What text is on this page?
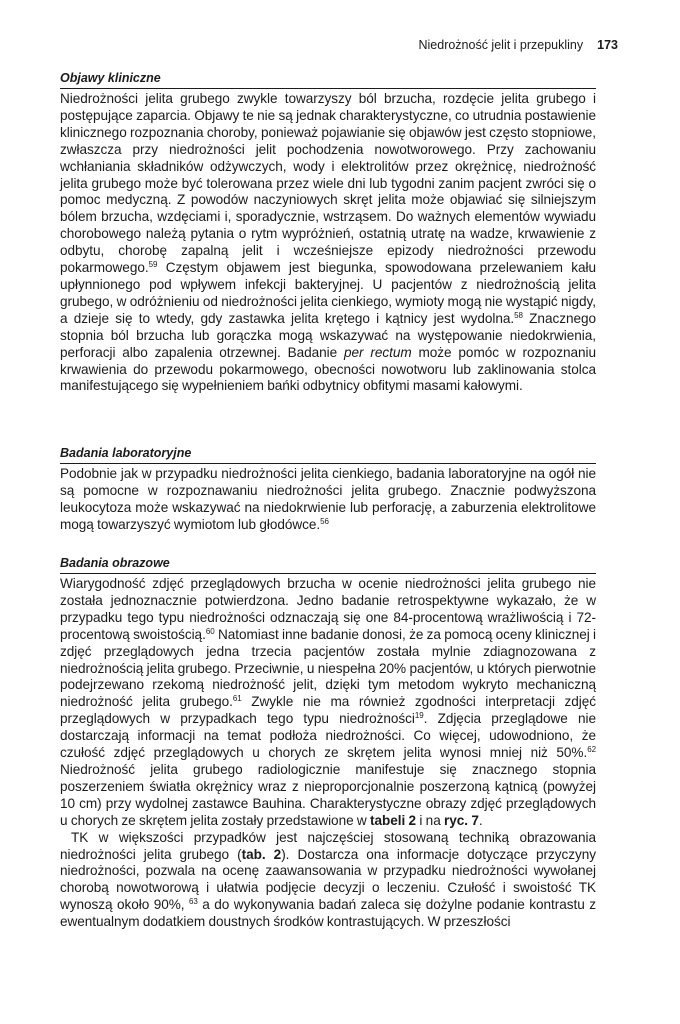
Niedrożność jelit i przepukliny 173
Objawy kliniczne

Niedrożności jelita grubego zwykle towarzyszy ból brzucha, rozdęcie jelita grubego i postępujące zaparcia. Objawy te nie są jednak charakterystyczne, co utrudnia postawienie klinicznego rozpoznania choroby, ponieważ pojawianie się objawów jest często stopniowe, zwłaszcza przy niedrożności jelit pochodzenia nowotworowego. Przy zachowaniu wchłaniania składników odżywczych, wody i elektrolitów przez okrężnicę, niedrożność jelita grubego może być tolerowana przez wiele dni lub tygodni zanim pacjent zwróci się o pomoc medyczną. Z powodów naczyniowych skręt jelita może objawiać się silniejszym bólem brzucha, wzdęciami i, sporadycznie, wstrząsem. Do ważnych elementów wywiadu chorobowego należą pytania o rytm wypróżnień, ostatnią utratę na wadze, krwawienie z odbytu, chorobę zapalną jelit i wcześniejsze epizody niedrożności przewodu pokarmowego.$^{59}$ Częstym objawem jest biegunka, spowodowana przelewaniem kału upłynnionego pod wpływem infekcji bakteryjnej. U pacjentów z niedrożnością jelita grubego, w odróżnieniu od niedrożności jelita cienkiego, wymioty mogą nie wystąpić nigdy, a dzieje się to wtedy, gdy zastawka jelita krętego i kątnicy jest wydolna.$^{58}$ Znacznego stopnia ból brzucha lub gorączka mogą wskazywać na występowanie niedokrwienia, perforacji albo zapalenia otrzewnej. Badanie per rectum może pomóc w rozpoznaniu krwawienia do przewodu pokarmowego, obecności nowotworu lub zaklinowania stolca manifestującego się wypełnieniem bańki odbytnicy obfitymi masami kałowymi.

Badania laboratoryjne

Podobnie jak w przypadku niedrożności jelita cienkiego, badania laboratoryjne na ogół nie są pomocne w rozpoznawaniu niedrożności jelita grubego. Znacznie podwyższona leukocytoza może wskazywać na niedokrwienie lub perforację, a zaburzenia elektrolitowe mogą towarzyszyć wymiotom lub głodówce.$^{56}$

Badania obrazowe

Wiarygodność zdjęć przeglądowych brzucha w ocenie niedrożności jelita grubego nie została jednoznacznie potwierdzona. Jedno badanie retrospektywne wykazało, że w przypadku tego typu niedrożności odznaczają się one 84-procentową wrażliwością i 72-procentową swoistością.$^{60}$ Natomiast inne badanie donosi, że za pomocą oceny klinicznej i zdjęć przeglądowych jedna trzecia pacjentów została mylnie zdiagnozowana z niedrożnością jelita grubego. Przeciwnie, u niespełna 20% pacjentów, u których pierwotnie podejrzewano rzekomą niedrożność jelit, dzięki tym metodom wykryto mechaniczną niedrożność jelita grubego.$^{61}$ Zwykle nie ma również zgodności interpretacji zdjęć przeglądowych w przypadkach tego typu niedrożności$^{19}$. Zdjęcia przeglądowe nie dostarczają informacji na temat podłoża niedrożności. Co więcej, udowodniono, że czułość zdjęć przeglądowych u chorych ze skrętem jelita wynosi mniej niż 50%.$^{62}$ Niedrożność jelita grubego radiologicznie manifestuje się znacznego stopnia poszerzeniem światła okrężnicy wraz z nieproporcjonalnie poszerzoną kątnicą (powyżej 10 cm) przy wydolnej zastawce Bauhina. Charakterystyczne obrazy zdjęć przeglądowych u chorych ze skrętem jelita zostały przedstawione w tabeli 2 i na ryc. 7.

TK w większości przypadków jest najczęściej stosowaną techniką obrazowania niedrożności jelita grubego (tab. 2). Dostarcza ona informacje dotyczące przyczyny niedrożności, pozwala na ocenę zaawansowania w przypadku niedrożności wywołanej chorobą nowotworową i ułatwia podjęcie decyzji o leczeniu. Czułość i swoistość TK wynoszą około 90%, $^{63}$ a do wykonywania badań zaleca się dożylne podanie kontrastu z ewentualnym dodatkiem doustnych środków kontrastujących. W przeszłości
